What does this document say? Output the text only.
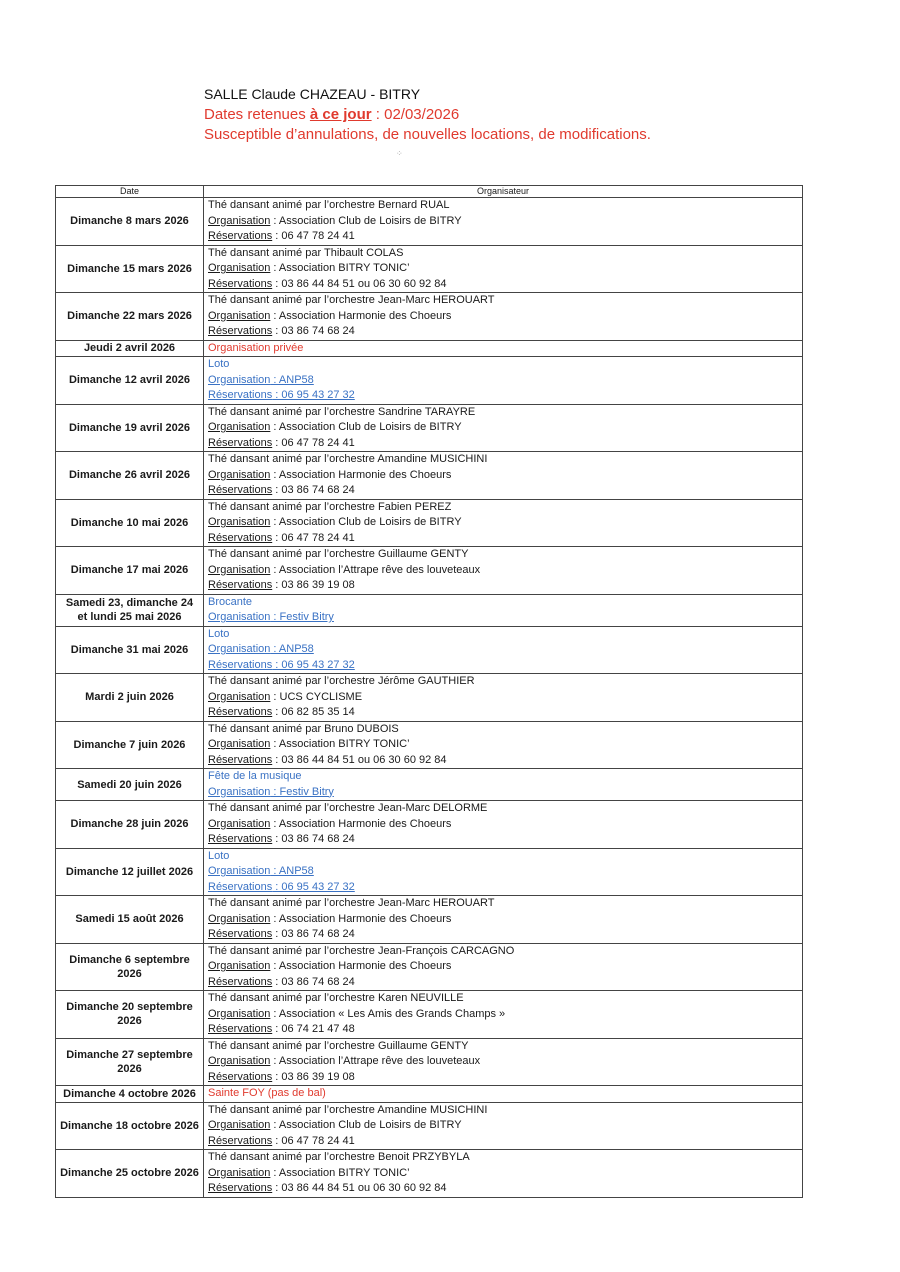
SALLE Claude CHAZEAU - BITRY
Dates retenues à ce jour : 02/03/2026
Susceptible d’annulations, de nouvelles locations, de modifications.
⁘
Date	Organisateur
Dimanche 8 mars 2026	Thé dansant animé par l’orchestre Bernard RUAL
Organisation : Association Club de Loisirs de BITRY
Réservations : 06 47 78 24 41

Dimanche 15 mars 2026	Thé dansant animé par Thibault COLAS
Organisation : Association BITRY TONIC’
Réservations : 03 86 44 84 51 ou 06 30 60 92 84

Dimanche 22 mars 2026	Thé dansant animé par l’orchestre Jean-Marc HEROUART
Organisation : Association Harmonie des Choeurs
Réservations : 03 86 74 68 24

Jeudi 2 avril 2026	Organisation privée

Dimanche 12 avril 2026	Loto
Organisation : ANP58
Réservations : 06 95 43 27 32

Dimanche 19 avril 2026	Thé dansant animé par l’orchestre Sandrine TARAYRE
Organisation : Association Club de Loisirs de BITRY
Réservations : 06 47 78 24 41

Dimanche 26 avril 2026	Thé dansant animé par l’orchestre Amandine MUSICHINI
Organisation : Association Harmonie des Choeurs
Réservations : 03 86 74 68 24

Dimanche 10 mai 2026	Thé dansant animé par l’orchestre Fabien PEREZ
Organisation : Association Club de Loisirs de BITRY
Réservations : 06 47 78 24 41

Dimanche 17 mai 2026	Thé dansant animé par l’orchestre Guillaume GENTY
Organisation : Association l’Attrape rêve des louveteaux
Réservations : 03 86 39 19 08

Samedi 23, dimanche 24 et lundi 25 mai 2026	Brocante
Organisation : Festiv Bitry

Dimanche 31 mai 2026	Loto
Organisation : ANP58
Réservations : 06 95 43 27 32

Mardi 2 juin 2026	Thé dansant animé par l’orchestre Jérôme GAUTHIER
Organisation : UCS CYCLISME
Réservations : 06 82 85 35 14

Dimanche 7 juin 2026	Thé dansant animé par Bruno DUBOIS
Organisation : Association BITRY TONIC’
Réservations : 03 86 44 84 51 ou 06 30 60 92 84

Samedi 20 juin 2026	Fête de la musique
Organisation : Festiv Bitry

Dimanche 28 juin 2026	Thé dansant animé par l’orchestre Jean-Marc DELORME
Organisation : Association Harmonie des Choeurs
Réservations : 03 86 74 68 24

Dimanche 12 juillet 2026	Loto
Organisation : ANP58
Réservations : 06 95 43 27 32

Samedi 15 août 2026	Thé dansant animé par l’orchestre Jean-Marc HEROUART
Organisation : Association Harmonie des Choeurs
Réservations : 03 86 74 68 24

Dimanche 6 septembre 2026	Thé dansant animé par l’orchestre Jean-François CARCAGNO
Organisation : Association Harmonie des Choeurs
Réservations : 03 86 74 68 24

Dimanche 20 septembre 2026	Thé dansant animé par l’orchestre Karen NEUVILLE
Organisation : Association « Les Amis des Grands Champs »
Réservations : 06 74 21 47 48

Dimanche 27 septembre 2026	Thé dansant animé par l’orchestre Guillaume GENTY
Organisation : Association l’Attrape rêve des louveteaux
Réservations : 03 86 39 19 08

Dimanche 4 octobre 2026	Sainte FOY (pas de bal)

Dimanche 18 octobre 2026	Thé dansant animé par l’orchestre Amandine MUSICHINI
Organisation : Association Club de Loisirs de BITRY
Réservations : 06 47 78 24 41

Dimanche 25 octobre 2026	Thé dansant animé par l’orchestre Benoit PRZYBYLA
Organisation : Association BITRY TONIC’
Réservations : 03 86 44 84 51 ou 06 30 60 92 84
